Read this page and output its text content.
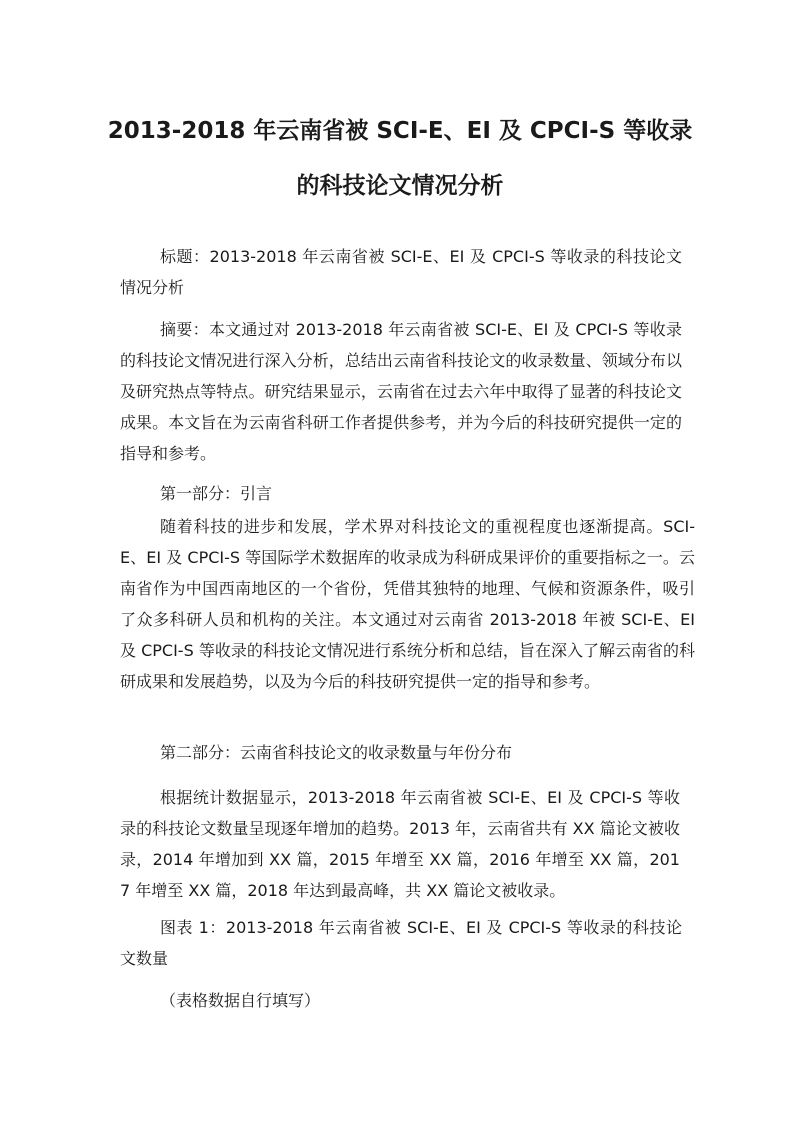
2013-2018 年云南省被 SCI-E、EI 及 CPCI-S 等收录
的科技论文情况分析

标题：2013-2018 年云南省被 SCI-E、EI 及 CPCI-S 等收录的科技论文情况分析

摘要：本文通过对 2013-2018 年云南省被 SCI-E、EI 及 CPCI-S 等收录的科技论文情况进行深入分析，总结出云南省科技论文的收录数量、领域分布以及研究热点等特点。研究结果显示，云南省在过去六年中取得了显著的科技论文成果。本文旨在为云南省科研工作者提供参考，并为今后的科技研究提供一定的指导和参考。

第一部分：引言

随着科技的进步和发展，学术界对科技论文的重视程度也逐渐提高。SCI-E、EI 及 CPCI-S 等国际学术数据库的收录成为科研成果评价的重要指标之一。云南省作为中国西南地区的一个省份，凭借其独特的地理、气候和资源条件，吸引了众多科研人员和机构的关注。本文通过对云南省 2013-2018 年被 SCI-E、EI 及 CPCI-S 等收录的科技论文情况进行系统分析和总结，旨在深入了解云南省的科研成果和发展趋势，以及为今后的科技研究提供一定的指导和参考。

第二部分：云南省科技论文的收录数量与年份分布

根据统计数据显示，2013-2018 年云南省被 SCI-E、EI 及 CPCI-S 等收录的科技论文数量呈现逐年增加的趋势。2013 年，云南省共有 XX 篇论文被收录，2014 年增加到 XX 篇，2015 年增至 XX 篇，2016 年增至 XX 篇，2017 年增至 XX 篇，2018 年达到最高峰，共 XX 篇论文被收录。

图表 1：2013-2018 年云南省被 SCI-E、EI 及 CPCI-S 等收录的科技论文数量

（表格数据自行填写）
